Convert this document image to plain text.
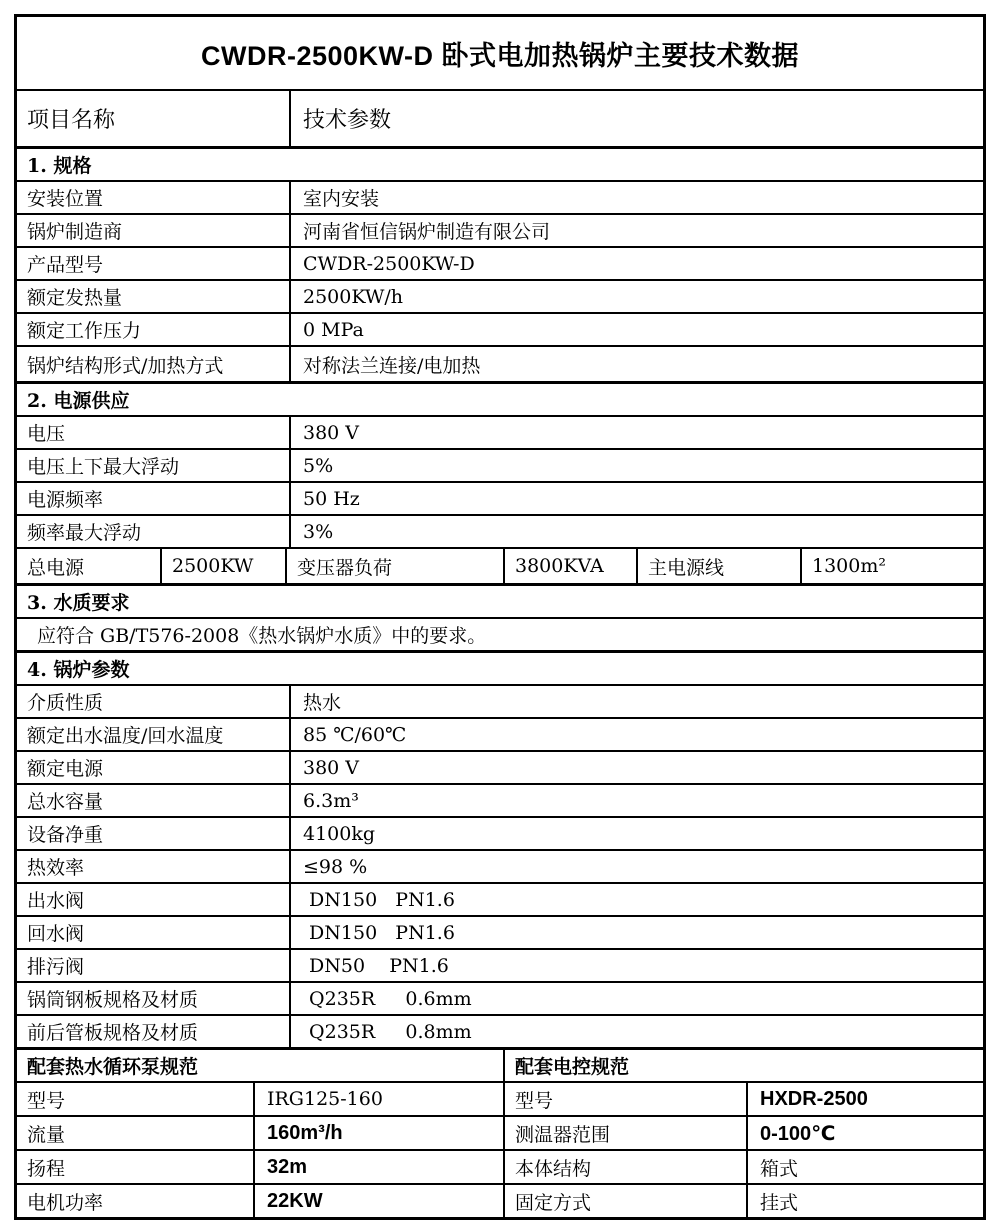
CWDR-2500KW-D 卧式电加热锅炉主要技术数据
项目名称	技术参数
1. 规格
安装位置	室内安装
锅炉制造商	河南省恒信锅炉制造有限公司
产品型号	CWDR-2500KW-D
额定发热量	2500KW/h
额定工作压力	0 MPa
锅炉结构形式/加热方式	对称法兰连接/电加热
2. 电源供应
电压	380 V
电压上下最大浮动	5%
电源频率	50 Hz
频率最大浮动	3%
总电源	2500KW	变压器负荷	3800KVA	主电源线	1300m²
3. 水质要求
应符合 GB/T576-2008《热水锅炉水质》中的要求。
4. 锅炉参数
介质性质	热水
额定出水温度/回水温度	85 ℃/60℃
额定电源	380 V
总水容量	6.3m³
设备净重	4100kg
热效率	≤98 %
出水阀	DN150   PN1.6
回水阀	DN150   PN1.6
排污阀	DN50    PN1.6
锅筒钢板规格及材质	Q235R     0.6mm
前后管板规格及材质	Q235R     0.8mm
配套热水循环泵规范	配套电控规范
型号	IRG125-160	型号	HXDR-2500
流量	160m³/h	测温器范围	0-100℃
扬程	32m	本体结构	箱式
电机功率	22KW	固定方式	挂式
